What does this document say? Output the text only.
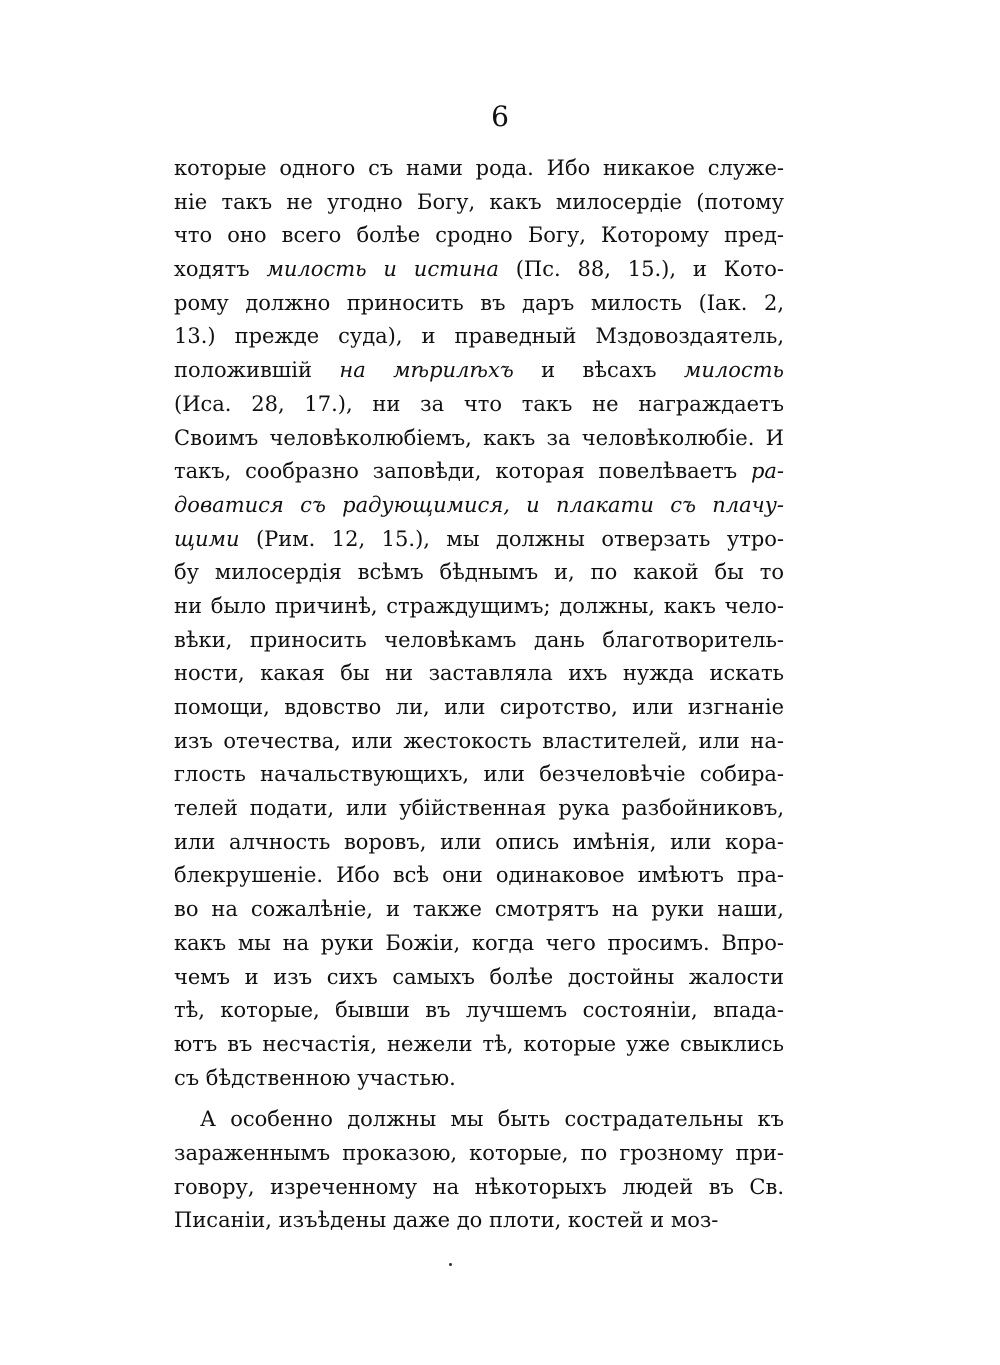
6
которые одного съ нами рода. Ибо никакое служе-
ніе такъ не угодно Богу, какъ милосердіе (потому
что оно всего болѣе сродно Богу, Которому пред-
ходятъ милость и истина (Пс. 88, 15.), и Кото-
рому должно приносить въ даръ милость (Іак. 2,
13.) прежде суда), и праведный Мздовоздаятель,
положившій на мѣрилѣхъ и вѣсахъ милость
(Иса. 28, 17.), ни за что такъ не награждаетъ
Своимъ человѣколюбіемъ, какъ за человѣколюбіе. И
такъ, сообразно заповѣди, которая повелѣваетъ ра-
доватися съ радующимися, и плакати съ плачу-
щими (Рим. 12, 15.), мы должны отверзать утро-
бу милосердія всѣмъ бѣднымъ и, по какой бы то
ни было причинѣ, страждущимъ; должны, какъ чело-
вѣки, приносить человѣкамъ дань благотворитель-
ности, какая бы ни заставляла ихъ нужда искать
помощи, вдовство ли, или сиротство, или изгнаніе
изъ отечества, или жестокость властителей, или на-
глость начальствующихъ, или безчеловѣчіе собира-
телей подати, или убійственная рука разбойниковъ,
или алчность воровъ, или опись имѣнія, или кора-
блекрушеніе. Ибо всѣ они одинаковое имѣютъ пра-
во на сожалѣніе, и также смотрятъ на руки наши,
какъ мы на руки Божіи, когда чего просимъ. Впро-
чемъ и изъ сихъ самыхъ болѣе достойны жалости
тѣ, которые, бывши въ лучшемъ состояніи, впада-
ютъ въ несчастія, нежели тѣ, которые уже свыклись
съ бѣдственною участью.
А особенно должны мы быть сострадательны къ
зараженнымъ проказою, которые, по грозному при-
говору, изреченному на нѣкоторыхъ людей въ Св.
Писаніи, изъѣдены даже до плоти, костей и моз-
